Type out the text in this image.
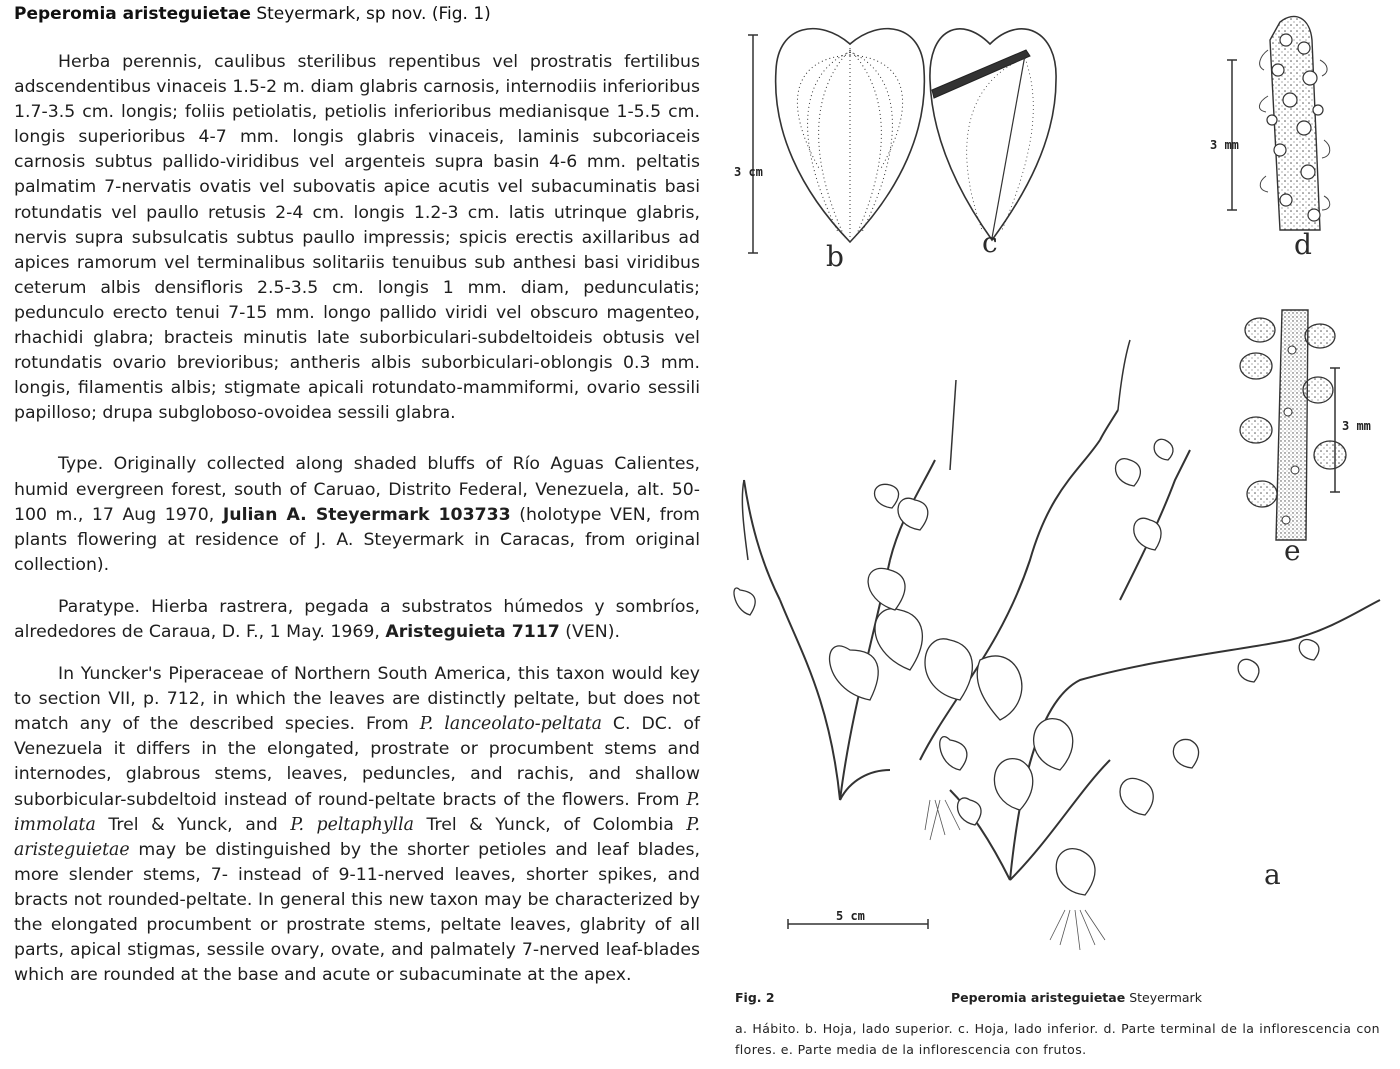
Peperomia aristeguietae Steyermark, sp nov. (Fig. 1)

Herba perennis, caulibus sterilibus repentibus vel prostratis fertilibus adscendentibus vinaceis 1.5-2 m. diam glabris carnosis, internodiis inferioribus 1.7-3.5 cm. longis; foliis petiolatis, petiolis inferioribus medianisque 1-5.5 cm. longis superioribus 4-7 mm. longis glabris vinaceis, laminis subcoriaceis carnosis subtus pallido-viridibus vel argenteis supra basin 4-6 mm. peltatis palmatim 7-nervatis ovatis vel subovatis apice acutis vel subacuminatis basi rotundatis vel paullo retusis 2-4 cm. longis 1.2-3 cm. latis utrinque glabris, nervis supra subsulcatis subtus paullo impressis; spicis erectis axillaribus ad apices ramorum vel terminalibus solitariis tenuibus sub anthesi basi viridibus ceterum albis densifloris 2.5-3.5 cm. longis 1 mm. diam, pedunculatis; pedunculo erecto tenui 7-15 mm. longo pallido viridi vel obscuro magenteo, rhachidi glabra; bracteis minutis late suborbiculari-subdeltoideis obtusis vel rotundatis ovario brevioribus; antheris albis suborbiculari-oblongis 0.3 mm. longis, filamentis albis; stigmate apicali rotundato-mammiformi, ovario sessili papilloso; drupa subgloboso-ovoidea sessili glabra.

Type. Originally collected along shaded bluffs of Río Aguas Calientes, humid evergreen forest, south of Caruao, Distrito Federal, Venezuela, alt. 50-100 m., 17 Aug 1970, Julian A. Steyermark 103733 (holotype VEN, from plants flowering at residence of J. A. Steyermark in Caracas, from original collection).

Paratype. Hierba rastrera, pegada a substratos húmedos y sombríos, alrededores de Caraua, D. F., 1 May. 1969, Aristeguieta 7117 (VEN).

In Yuncker's Piperaceae of Northern South America, this taxon would key to section VII, p. 712, in which the leaves are distinctly peltate, but does not match any of the described species. From P. lanceolato-peltata C. DC. of Venezuela it differs in the elongated, prostrate or procumbent stems and internodes, glabrous stems, leaves, peduncles, and rachis, and shallow suborbicular-subdeltoid instead of round-peltate bracts of the flowers. From P. immolata Trel & Yunck, and P. peltaphylla Trel & Yunck, of Colombia P. aristeguietae may be distinguished by the shorter petioles and leaf blades, more slender stems, 7- instead of 9-11-nerved leaves, shorter spikes, and bracts not rounded-peltate. In general this new taxon may be characterized by the elongated procumbent or prostrate stems, peltate leaves, glabrity of all parts, apical stigmas, sessile ovary, ovate, and palmately 7-nerved leaf-blades which are rounded at the base and acute or subacuminate at the apex.

b	c	d
e
a
3 cm
3 mm
3 mm
5 cm
Fig. 2	Peperomia aristeguietae Steyermark
a. Hábito. b. Hoja, lado superior. c. Hoja, lado inferior. d. Parte terminal de la inflorescencia con flores. e. Parte media de la inflorescencia con frutos.
